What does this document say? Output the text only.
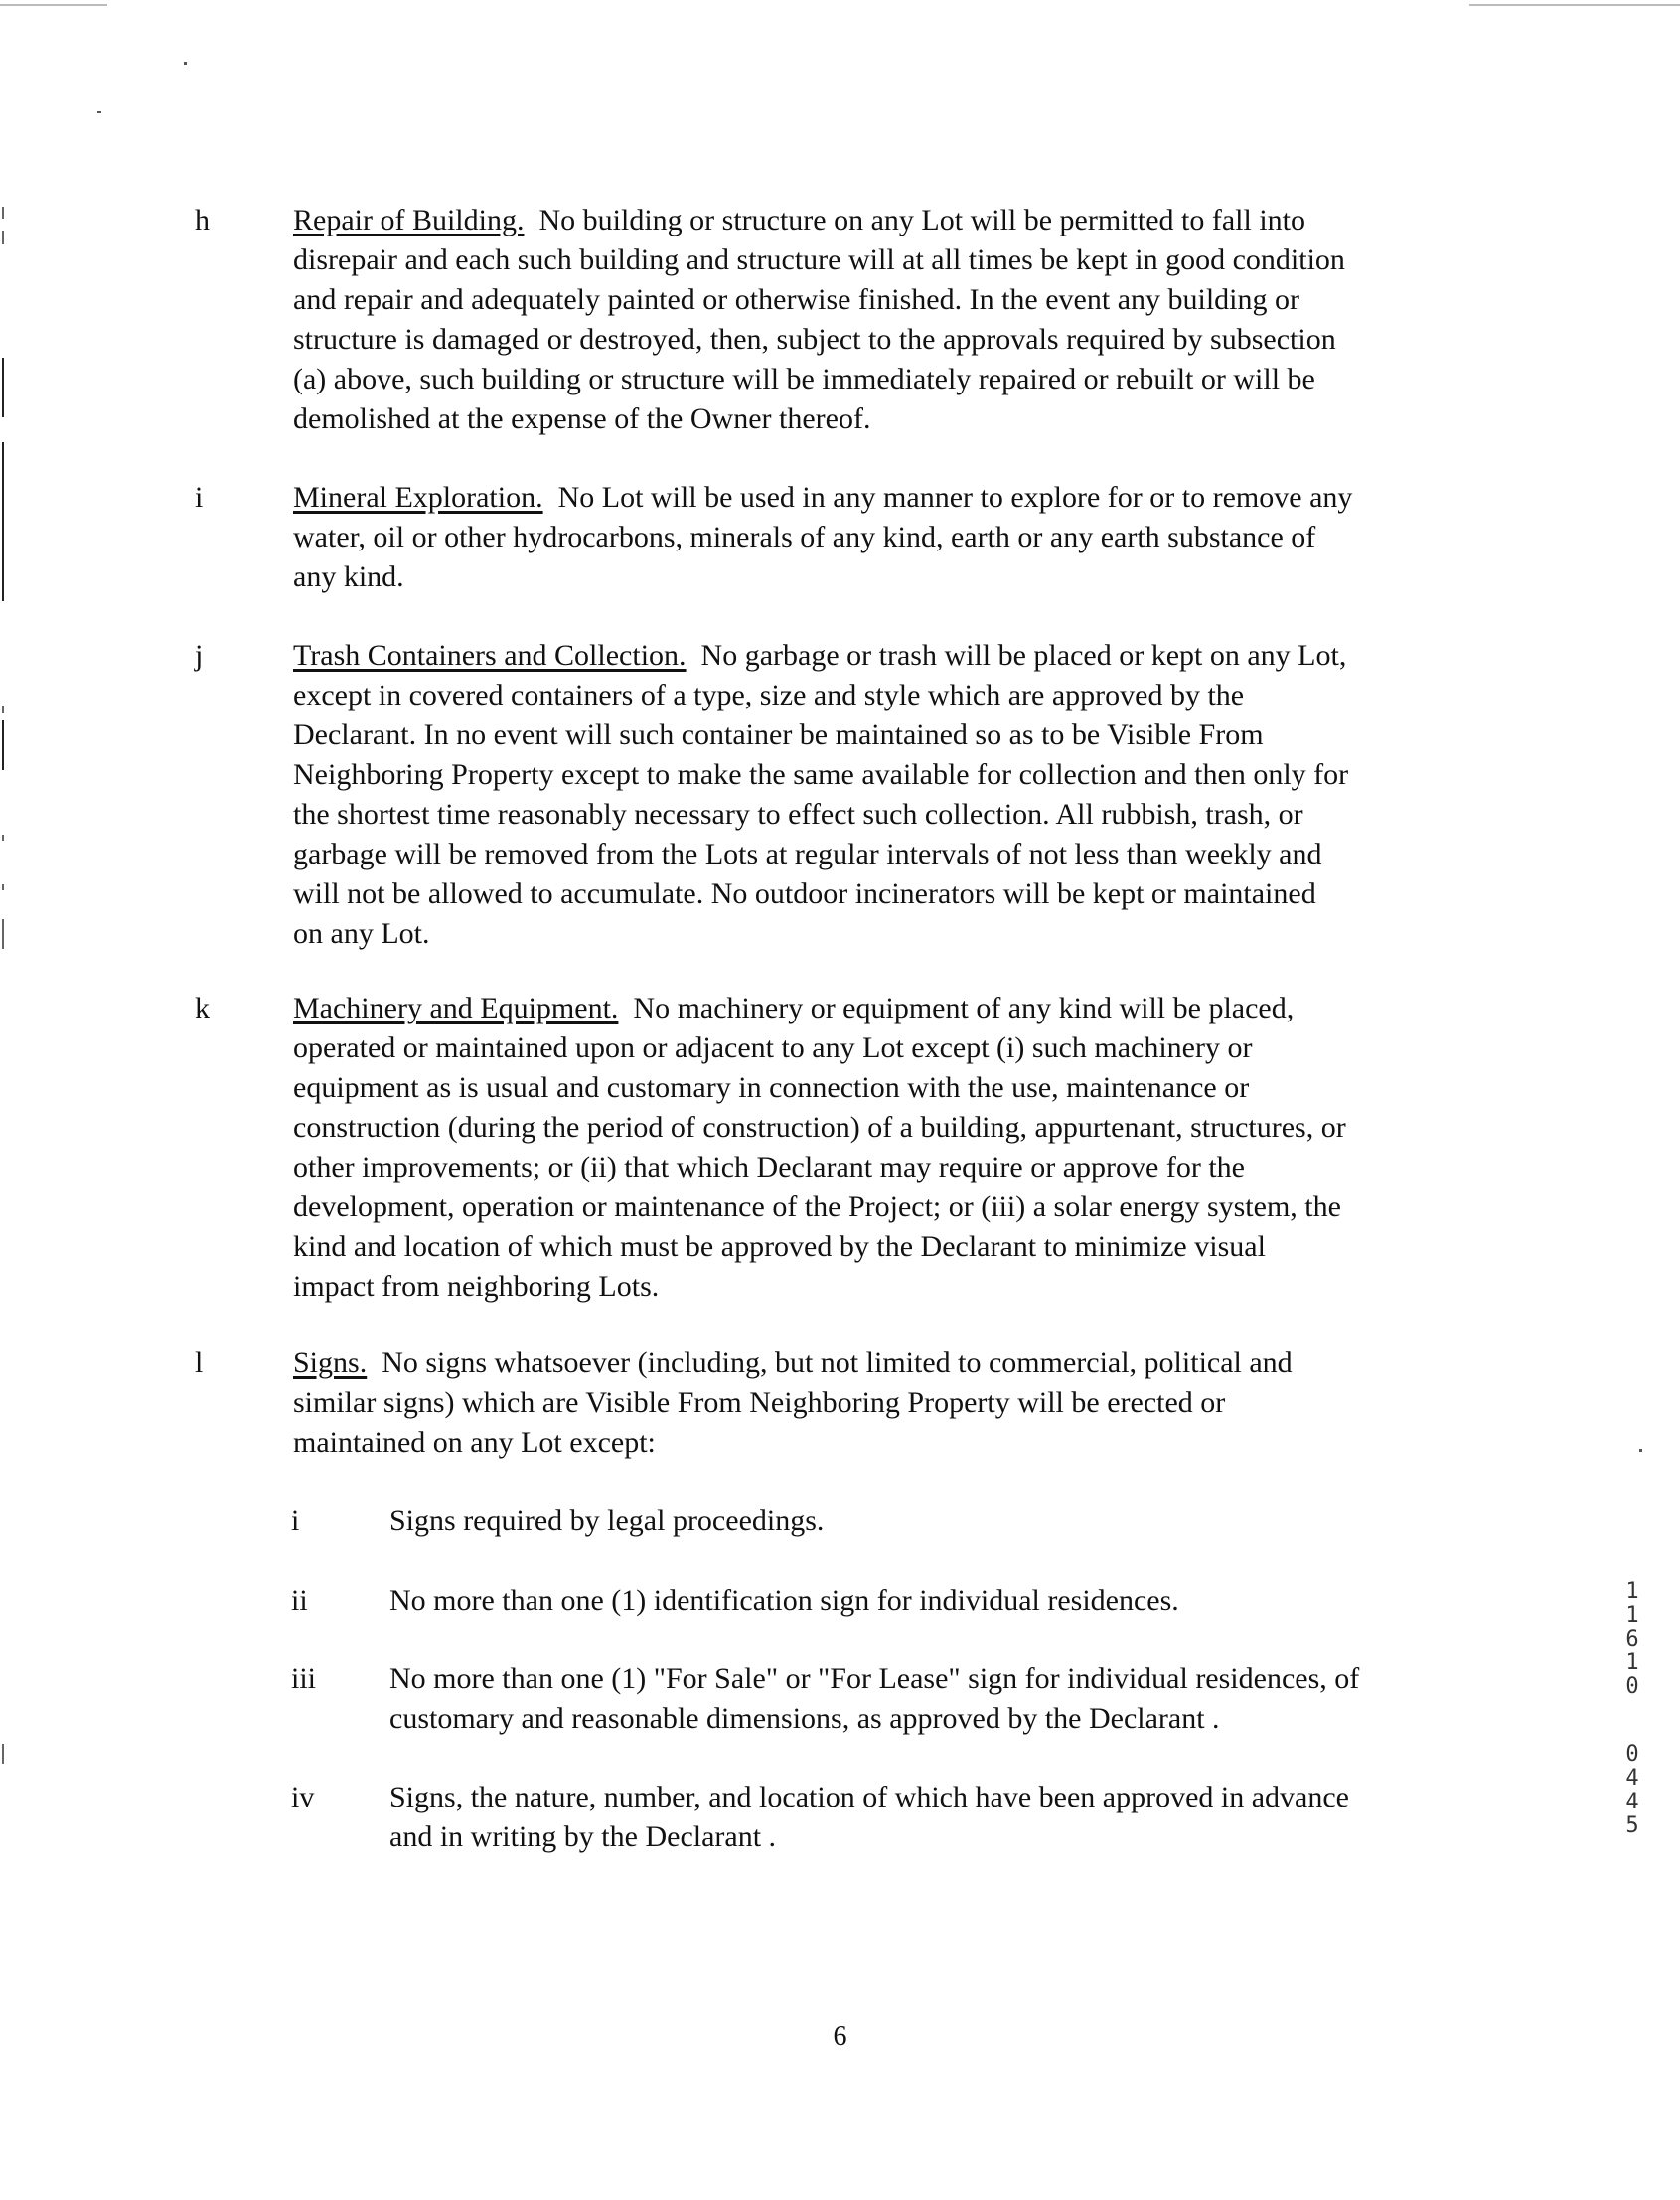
h	Repair of Building. No building or structure on any Lot will be permitted to fall into
disrepair and each such building and structure will at all times be kept in good condition
and repair and adequately painted or otherwise finished. In the event any building or
structure is damaged or destroyed, then, subject to the approvals required by subsection
(a) above, such building or structure will be immediately repaired or rebuilt or will be
demolished at the expense of the Owner thereof.
i	Mineral Exploration. No Lot will be used in any manner to explore for or to remove any
water, oil or other hydrocarbons, minerals of any kind, earth or any earth substance of
any kind.
j	Trash Containers and Collection. No garbage or trash will be placed or kept on any Lot,
except in covered containers of a type, size and style which are approved by the
Declarant. In no event will such container be maintained so as to be Visible From
Neighboring Property except to make the same available for collection and then only for
the shortest time reasonably necessary to effect such collection. All rubbish, trash, or
garbage will be removed from the Lots at regular intervals of not less than weekly and
will not be allowed to accumulate. No outdoor incinerators will be kept or maintained
on any Lot.
k	Machinery and Equipment. No machinery or equipment of any kind will be placed,
operated or maintained upon or adjacent to any Lot except (i) such machinery or
equipment as is usual and customary in connection with the use, maintenance or
construction (during the period of construction) of a building, appurtenant, structures, or
other improvements; or (ii) that which Declarant may require or approve for the
development, operation or maintenance of the Project; or (iii) a solar energy system, the
kind and location of which must be approved by the Declarant to minimize visual
impact from neighboring Lots.
l	Signs. No signs whatsoever (including, but not limited to commercial, political and
similar signs) which are Visible From Neighboring Property will be erected or
maintained on any Lot except:
i	Signs required by legal proceedings.
ii	No more than one (1) identification sign for individual residences.
iii No more than one (1) "For Sale" or "For Lease" sign for individual residences, of
customary and reasonable dimensions, as approved by the Declarant .
iv	Signs, the nature, number, and location of which have been approved in advance
and in writing by the Declarant .
6
1
1
6
1
0
0
4
4
5
